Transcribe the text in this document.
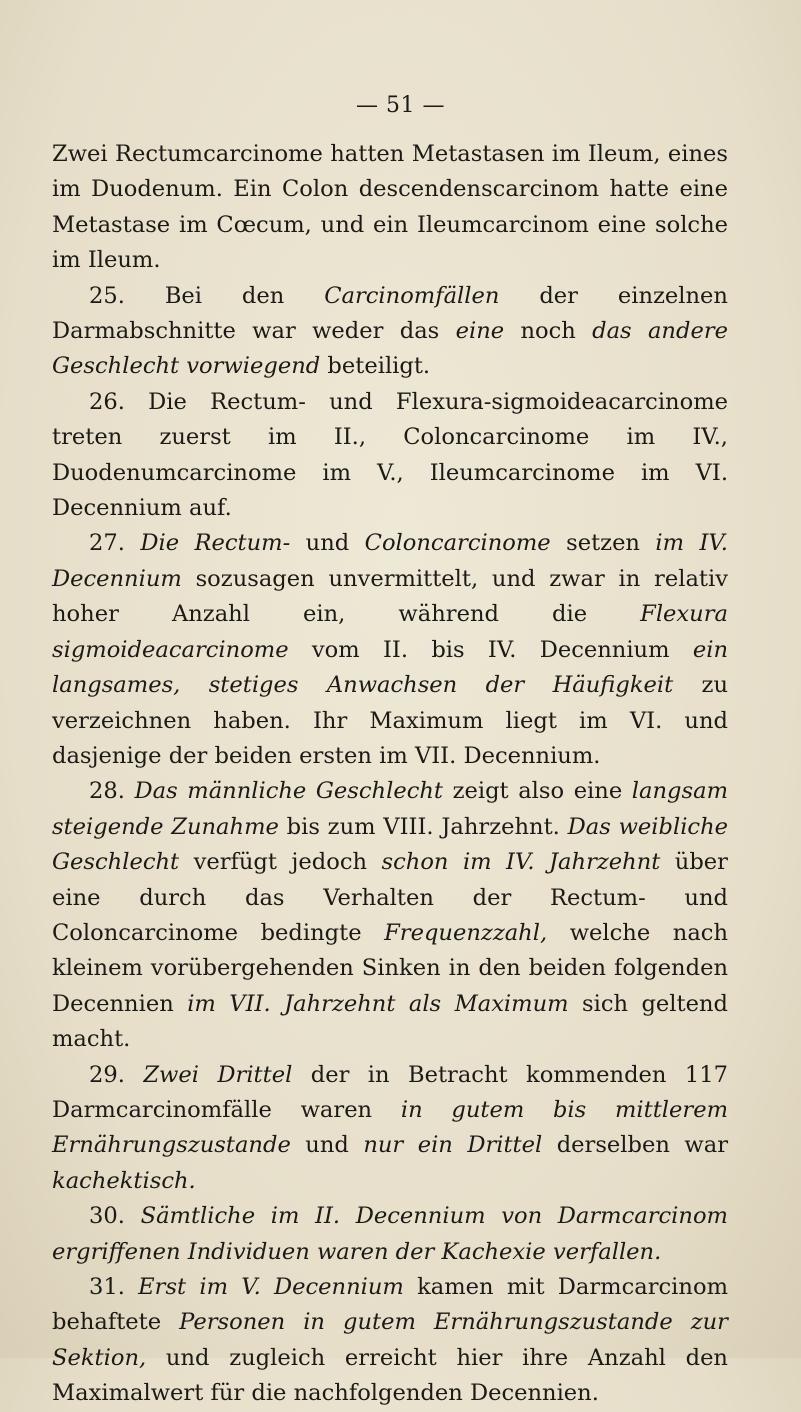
— 51 —

Zwei Rectumcarcinome hatten Metastasen im Ileum, eines im Duodenum. Ein Colon descendenscarcinom hatte eine Metastase im Cœcum, und ein Ileumcarcinom eine solche im Ileum.

25. Bei den Carcinomfällen der einzelnen Darmabschnitte war weder das eine noch das andere Geschlecht vorwiegend beteiligt.

26. Die Rectum- und Flexura-sigmoideacarcinome treten zuerst im II., Coloncarcinome im IV., Duodenumcarcinome im V., Ileumcarcinome im VI. Decennium auf.

27. Die Rectum- und Coloncarcinome setzen im IV. Decennium sozusagen unvermittelt, und zwar in relativ hoher Anzahl ein, während die Flexura sigmoideacarcinome vom II. bis IV. Decennium ein langsames, stetiges Anwachsen der Häufigkeit zu verzeichnen haben. Ihr Maximum liegt im VI. und dasjenige der beiden ersten im VII. Decennium.

28. Das männliche Geschlecht zeigt also eine langsam steigende Zunahme bis zum VIII. Jahrzehnt. Das weibliche Geschlecht verfügt jedoch schon im IV. Jahrzehnt über eine durch das Verhalten der Rectum- und Coloncarcinome bedingte Frequenzzahl, welche nach kleinem vorübergehenden Sinken in den beiden folgenden Decennien im VII. Jahrzehnt als Maximum sich geltend macht.

29. Zwei Drittel der in Betracht kommenden 117 Darmcarcinomfälle waren in gutem bis mittlerem Ernährungszustande und nur ein Drittel derselben war kachektisch.

30. Sämtliche im II. Decennium von Darmcarcinom ergriffenen Individuen waren der Kachexie verfallen.

31. Erst im V. Decennium kamen mit Darmcarcinom behaftete Personen in gutem Ernährungszustande zur Sektion, und zugleich erreicht hier ihre Anzahl den Maximalwert für die nachfolgenden Decennien.
